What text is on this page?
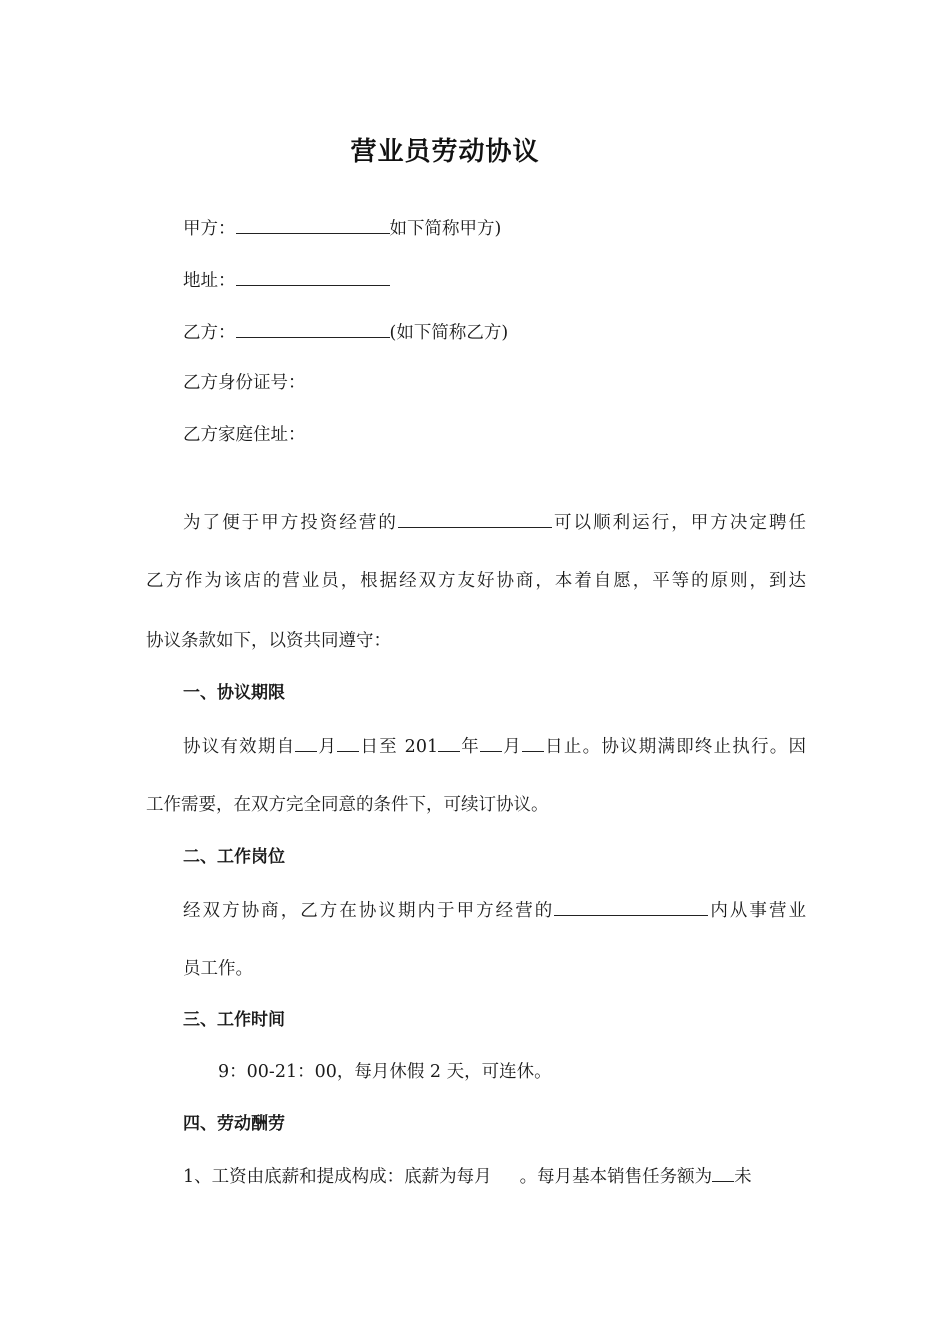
营业员劳动协议
甲方：	如下简称甲方)
地址：
乙方：	(如下简称乙方)
乙方身份证号：
乙方家庭住址：
为了便于甲方投资经营的	可以顺利运行，甲方决定聘任
乙方作为该店的营业员，根据经双方友好协商，本着自愿，平等的原则，到达
协议条款如下，以资共同遵守：
一、协议期限
协议有效期自 月 日至 201 年 月 日止。协议期满即终止执行。因
工作需要，在双方完全同意的条件下，可续订协议。
二、工作岗位
经双方协商，乙方在协议期内于甲方经营的	内从事营业
员工作。
三、工作时间
9：00-21：00，每月休假 2 天，可连休。
四、劳动酬劳
1、工资由底薪和提成构成：底薪为每月 。每月基本销售任务额为 未
